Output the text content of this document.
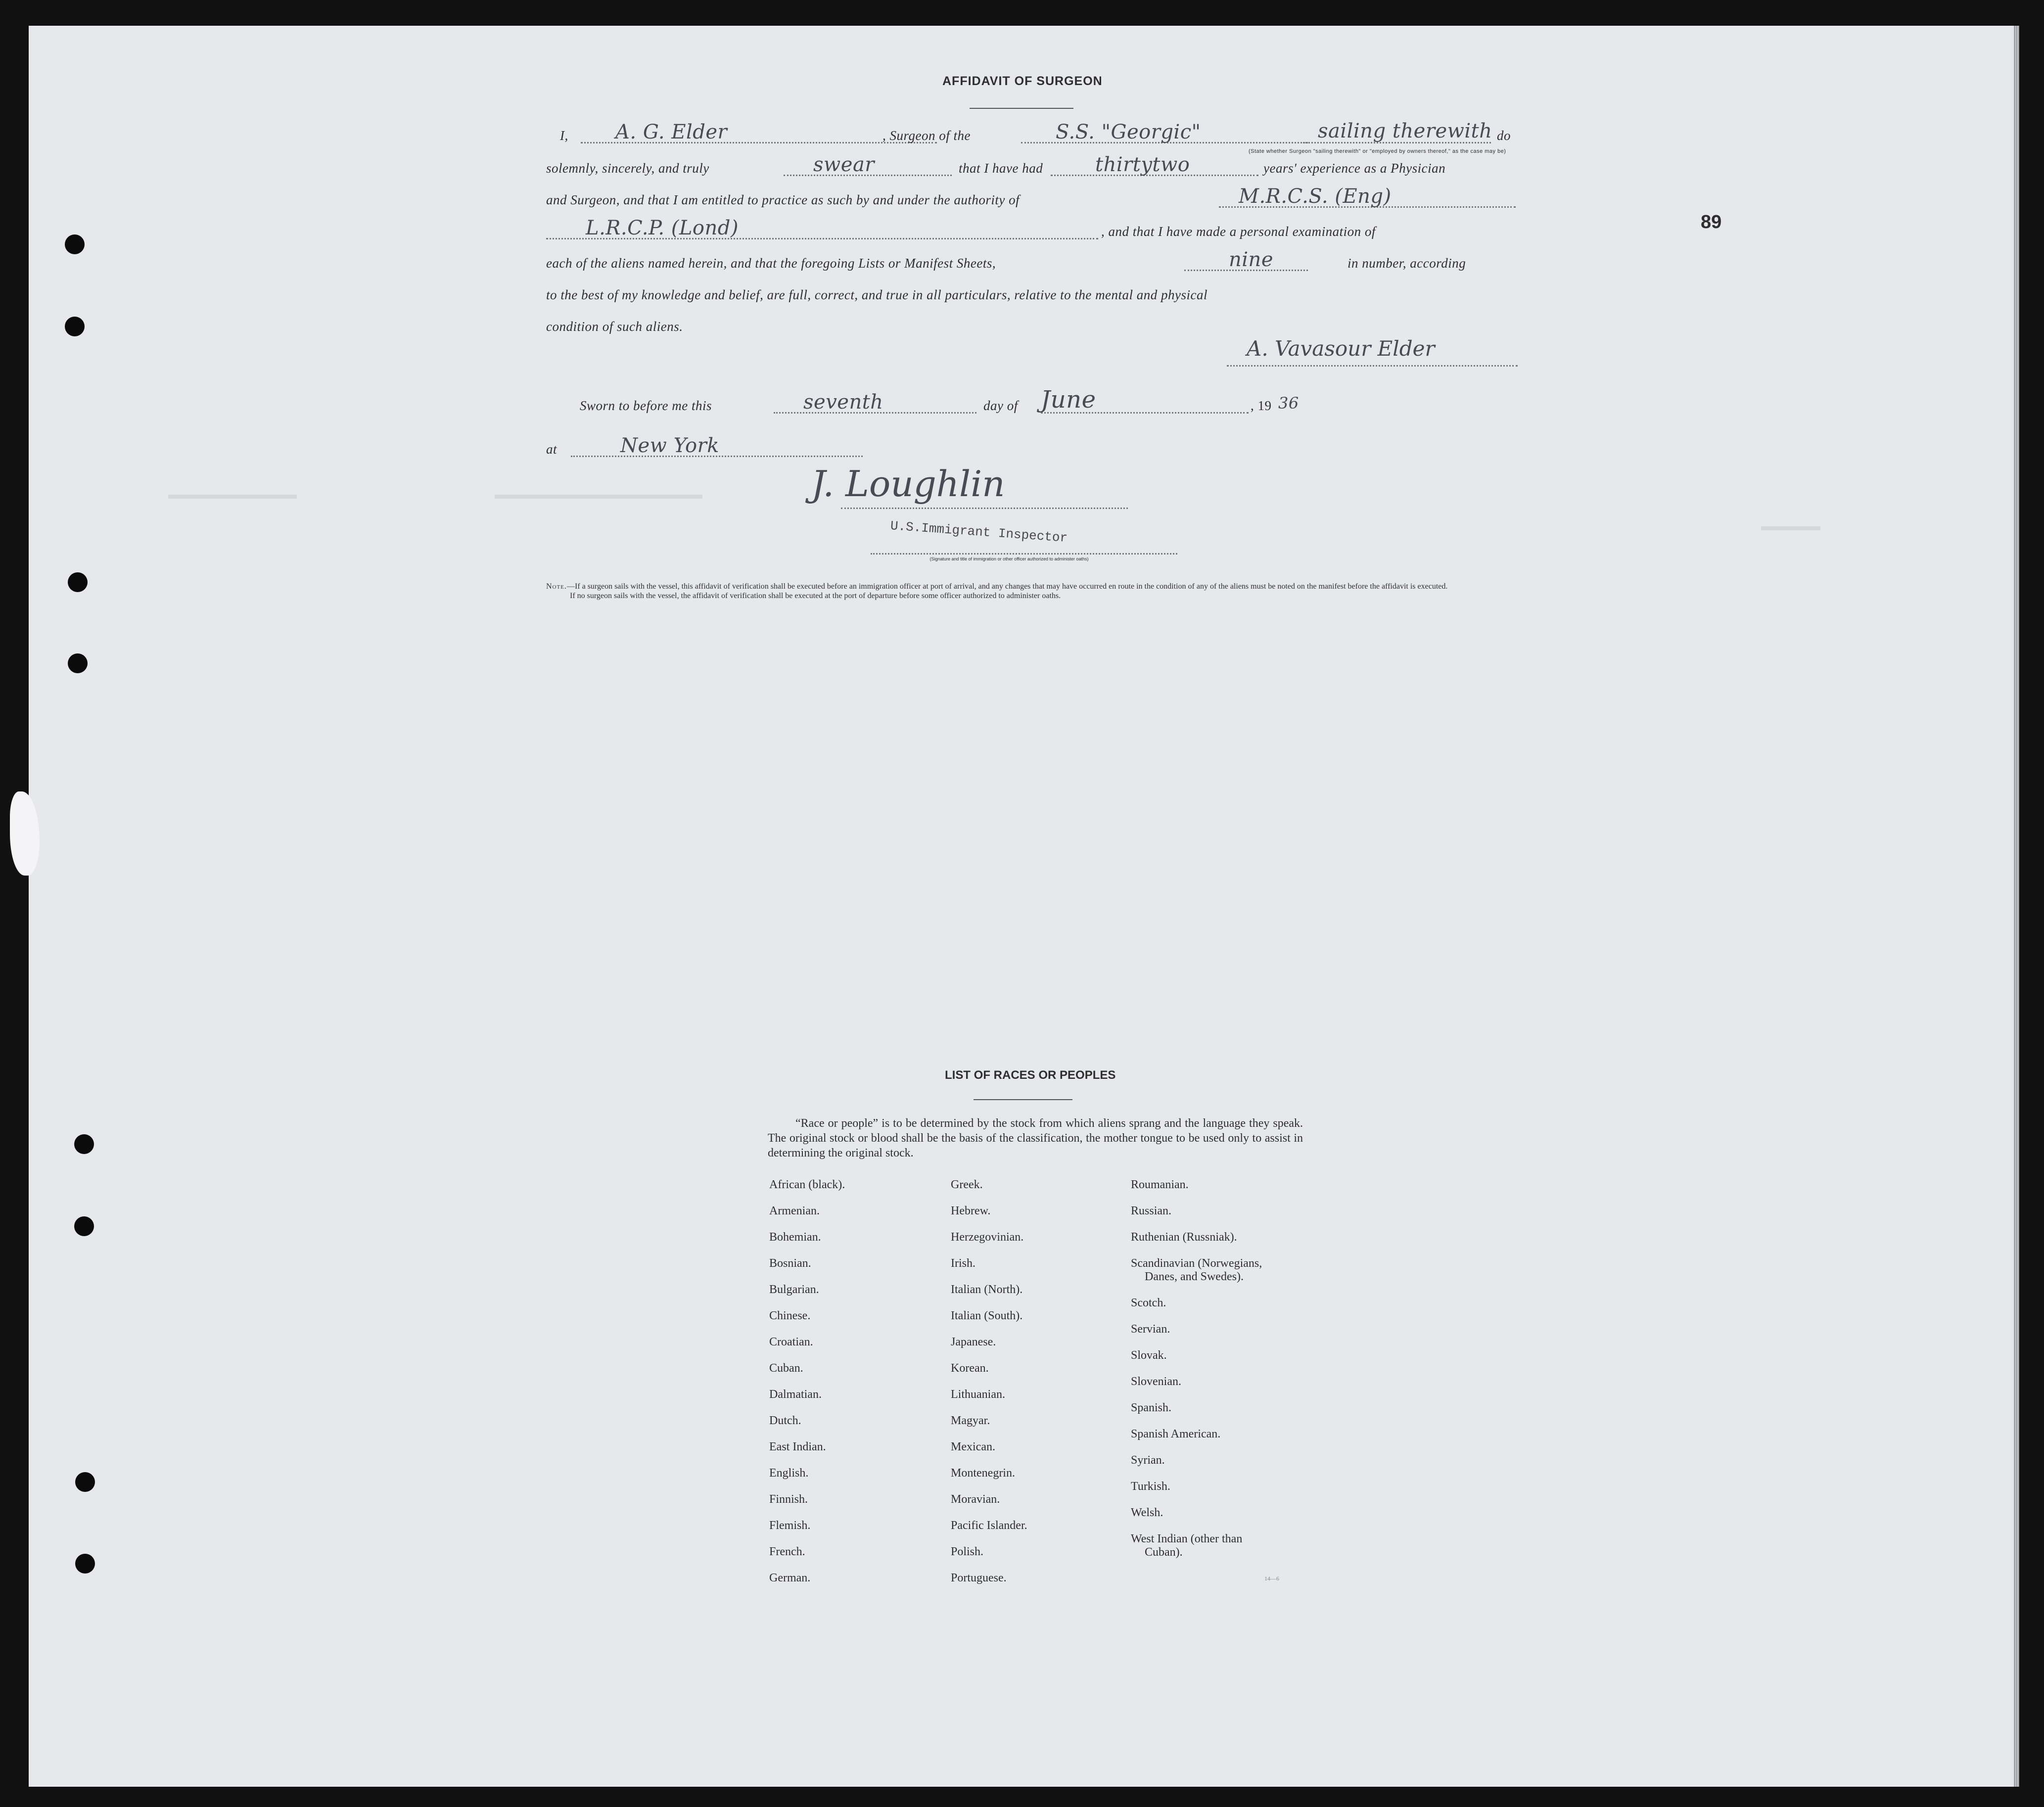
89
AFFIDAVIT OF SURGEON
I, A. G. Elder	, Surgeon of the	S.S. "Georgic"	sailing therewith do
(State whether Surgeon "sailing therewith" or "employed by owners thereof," as the case may be)
solemnly, sincerely, and truly	swear	that I have had	thirtytwo	years' experience as a Physician
and Surgeon, and that I am entitled to practice as such by and under the authority of	M.R.C.S. (Eng)
L.R.C.P. (Lond)	, and that I have made a personal examination of
each of the aliens named herein, and that the foregoing Lists or Manifest Sheets,	nine	in number, according
to the best of my knowledge and belief, are full, correct, and true in all particulars, relative to the mental and physical
condition of such aliens.
A. Vavasour Elder
Sworn to before me this	seventh	day of June	, 19 36
at	New York
J. Loughlin
U.S.Immigrant Inspector
(Signature and title of immigration or other officer authorized to administer oaths)
Note.—If a surgeon sails with the vessel, this affidavit of verification shall be executed before an immigration officer at port of arrival, and any changes that may have occurred en route in the condition of any of the aliens must be noted on the manifest before the affidavit is executed.
If no surgeon sails with the vessel, the affidavit of verification shall be executed at the port of departure before some officer authorized to administer oaths.
LIST OF RACES OR PEOPLES
“Race or people” is to be determined by the stock from which aliens sprang and the language they speak. The original stock or blood shall be the basis of the classification, the mother tongue to be used only to assist in determining the original stock.
African (black).
Armenian.
Bohemian.
Bosnian.
Bulgarian.
Chinese.
Croatian.
Cuban.
Dalmatian.
Dutch.
East Indian.
English.
Finnish.
Flemish.
French.
German.
Greek.
Hebrew.
Herzegovinian.
Irish.
Italian (North).
Italian (South).
Japanese.
Korean.
Lithuanian.
Magyar.
Mexican.
Montenegrin.
Moravian.
Pacific Islander.
Polish.
Portuguese.
Roumanian.
Russian.
Ruthenian (Russniak).
Scandinavian (Norwegians,
Danes, and Swedes).
Scotch.
Servian.
Slovak.
Slovenian.
Spanish.
Spanish American.
Syrian.
Turkish.
Welsh.
West Indian (other than
Cuban).
14—6
